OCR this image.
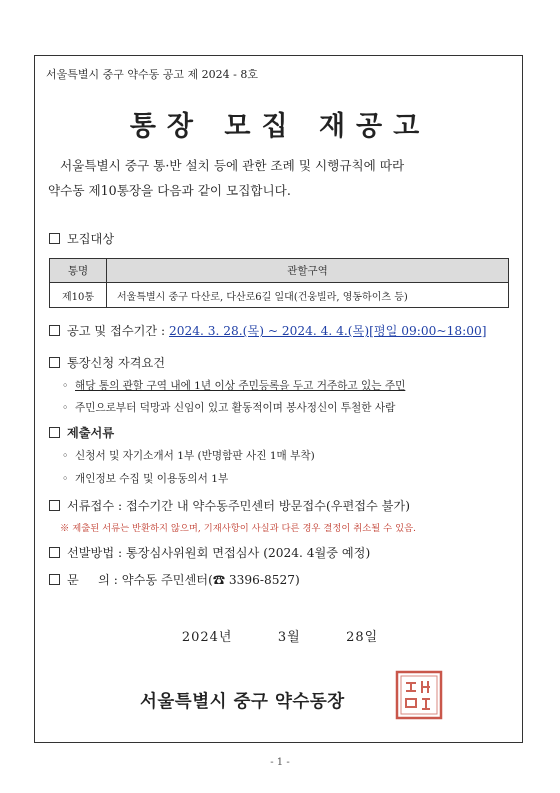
서울특별시 중구 약수동 공고 제 2024 - 8호
통장 모집 재공고
서울특별시 중구 통·반 설치 등에 관한 조례 및 시행규칙에 따라

약수동 제10통장을 다음과 같이 모집합니다.
모집대상
통명	관할구역
제10통	서울특별시 중구 다산로, 다산로6길 일대(건웅빌라, 영동하이츠 등)
공고 및 접수기간 : 2024. 3. 28.(목) ~ 2024. 4. 4.(목)[평일 09:00~18:00]
통장신청 자격요건
◦ 해당 통의 관할 구역 내에 1년 이상 주민등록을 두고 거주하고 있는 주민
◦ 주민으로부터 덕망과 신임이 있고 활동적이며 봉사정신이 투철한 사람
제출서류
◦ 신청서 및 자기소개서 1부 (반명함판 사진 1매 부착)
◦ 개인정보 수집 및 이용동의서 1부
서류접수 : 접수기간 내 약수동주민센터 방문접수(우편접수 불가)
※ 제출된 서류는 반환하지 않으며, 기재사항이 사실과 다른 경우 결정이 취소될 수 있음.
선발방법 : 통장심사위원회 면접심사 (2024. 4월중 예정)
문     의 : 약수동 주민센터(☎ 3396-8527)
2024년   3월   28일
서울특별시 중구 약수동장
- 1 -
